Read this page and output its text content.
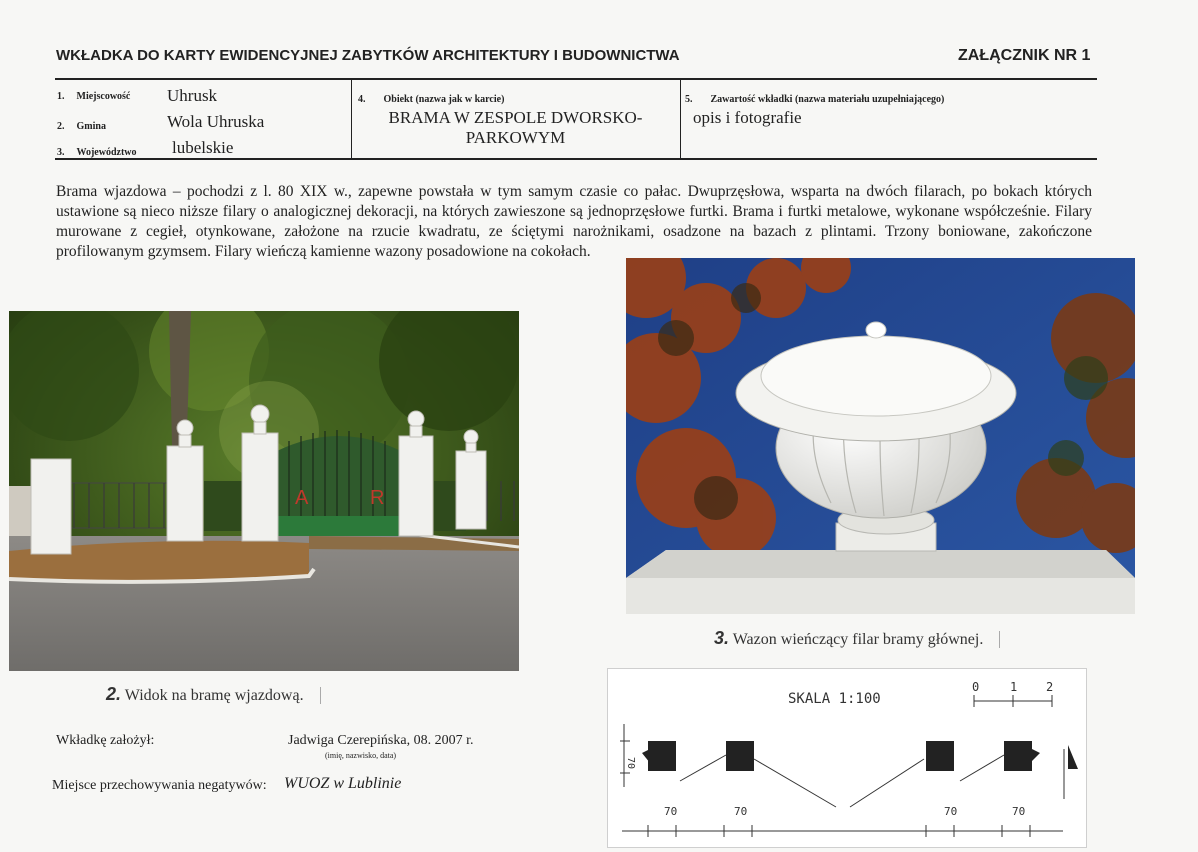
WKŁADKA DO KARTY EWIDENCYJNEJ ZABYTKÓW ARCHITEKTURY I BUDOWNICTWA	ZAŁĄCZNIK NR 1
1. Miejscowość Uhrusk
2. Gmina	Wola Uhruska
3. Województwo lubelskie
4. Obiekt (nazwa jak w karcie)
BRAMA W ZESPOLE DWORSKO-
PARKOWYM
5. Zawartość wkładki (nazwa materiału uzupełniającego)
opis i fotografie
Brama wjazdowa – pochodzi z l. 80 XIX w., zapewne powstała w tym samym czasie co pałac. Dwuprzęsłowa, wsparta na dwóch filarach, po bokach których ustawione są nieco niższe filary o analogicznej dekoracji, na których zawieszone są jednoprzęsłowe furtki. Brama i furtki metalowe, wykonane współcześnie. Filary murowane z cegieł, otynkowane, założone na rzucie kwadratu, ze ściętymi narożnikami, osadzone na bazach z plintami. Trzony boniowane, zakończone profilowanym gzymsem. Filary wieńczą kamienne wazony posadowione na cokołach.
A	R
2. Widok na bramę wjazdową.
3. Wazon wieńczący filar bramy głównej.
Wkładkę założył:	Jadwiga Czerepińska, 08. 2007 r.
(imię, nazwisko, data)
Miejsce przechowywania negatywów: WUOZ w Lublinie
SKALA 1:100
0	1 2
70
70	70	70	70
